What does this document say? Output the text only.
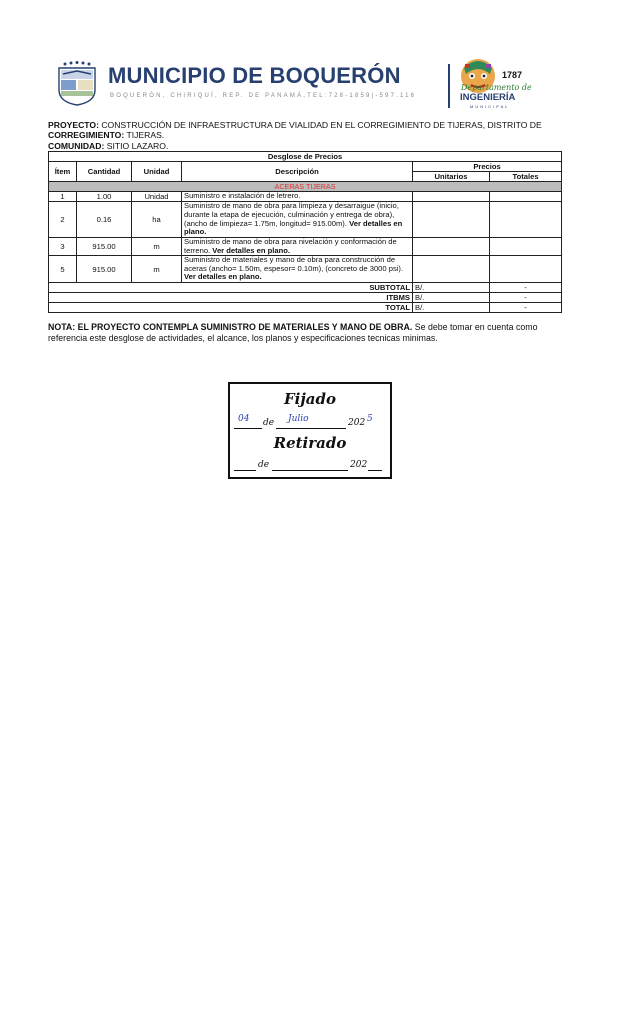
MUNICIPIO DE BOQUERÓN
BOQUERÓN, CHIRIQUÍ, REP. DE PANAMÁ,TEL:728-1859|-597.116
1787
Departamento de
INGENIERÍA
MUNICIPAL
PROYECTO: CONSTRUCCIÓN DE INFRAESTRUCTURA DE VIALIDAD EN EL CORREGIMIENTO DE TIJERAS, DISTRITO DE
CORREGIMIENTO: TIJERAS.
COMUNIDAD: SITIO LAZARO.
Desglose de Precios					
Ítem	Cantidad	Unidad	Descripción	Precios	
				Unitarios	Totales
ACERAS TIJERAS					
1	1.00	Unidad	Suministro e instalación de letrero.		
2	0.16	ha	Suministro de mano de obra para limpieza y desarraigue (inicio, durante la etapa de ejecución, culminación y entrega de obra), (ancho de limpieza= 1.75m, longitud= 915.00m). Ver detalles en plano.		
3	915.00	m	Suministro de mano de obra para nivelación y conformación de terreno. Ver detalles en plano.		
5	915.00	m	Suministro de materiales y mano de obra para construcción de aceras (ancho= 1.50m, espesor= 0.10m), (concreto de 3000 psi). Ver detalles en plano.		
SUBTOTAL				B/.	-
ITBMS				B/.	-
TOTAL				B/.	-
NOTA: EL PROYECTO CONTEMPLA SUMINISTRO DE MATERIALES Y MANO DE OBRA. Se debe tomar en cuenta como referencia este desglose de actividades, el alcance, los planos y especificaciones tecnicas minimas.
Fijado
04 de Julio	202 5
Retirado
de	202
